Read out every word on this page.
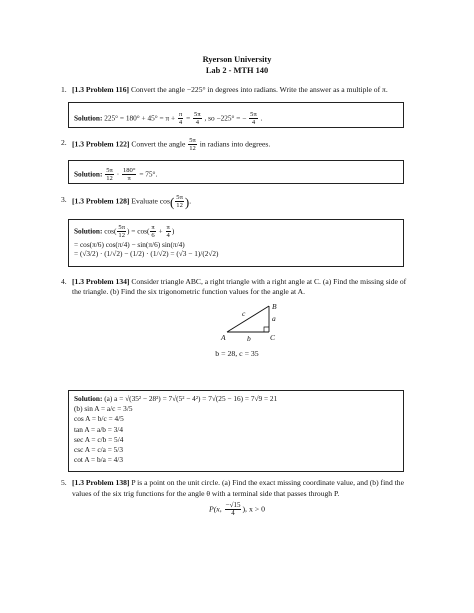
Ryerson University
Lab 2 - MTH 140
1. [1.3 Problem 116] Convert the angle −225° in degrees into radians. Write the answer as a multiple of π.
Solution: $225^\circ = 180^\circ + 45^\circ = \pi + \frac{\pi}{4} = \frac{5\pi}{4}$ , so −225° = − $\frac{5\pi}{4}$ .
2. [1.3 Problem 122] Convert the angle $\frac{5\pi}{12}$ in radians into degrees.
Solution: $\frac{5\pi}{12} \cdot \frac{180^\circ}{\pi} = 75^\circ$.
3. [1.3 Problem 128] Evaluate $\cos( \frac{5\pi}{12}$ ).
Solution: $\cos( \frac{5\pi}{12}$ ) = $\cos( \frac{\pi}{6} + \frac{\pi}{4}$ )
= cos(π/6) cos(π/4) − sin(π/6) sin(π/4)
= (√3/2) · (1/√2) − (1/2) · (1/√2) = (√3 − 1)/(2√2)
4. [1.3 Problem 134] Consider triangle ABC, a right triangle with a right angle at C. (a) Find the missing side of the triangle. (b) Find the six trigonometric function values for the angle at A.
B
A	C
a
b
c
b = 28, c = 35
Solution: (a) a = √(35² − 28²) = 7√(5² − 4²) = 7√(25 − 16) = 7√9 = 21
(b) sin A = a/c = 3/5
cos A = b/c = 4/5
tan A = a/b = 3/4
sec A = c/b = 5/4
csc A = c/a = 5/3
cot A = b/a = 4/3
5. [1.3 Problem 138] P is a point on the unit circle. (a) Find the exact missing coordinate value, and (b) find the values of the six trig functions for the angle θ with a terminal side that passes through P.
P(x, $\frac{-√15}{4}$ ), x > 0
